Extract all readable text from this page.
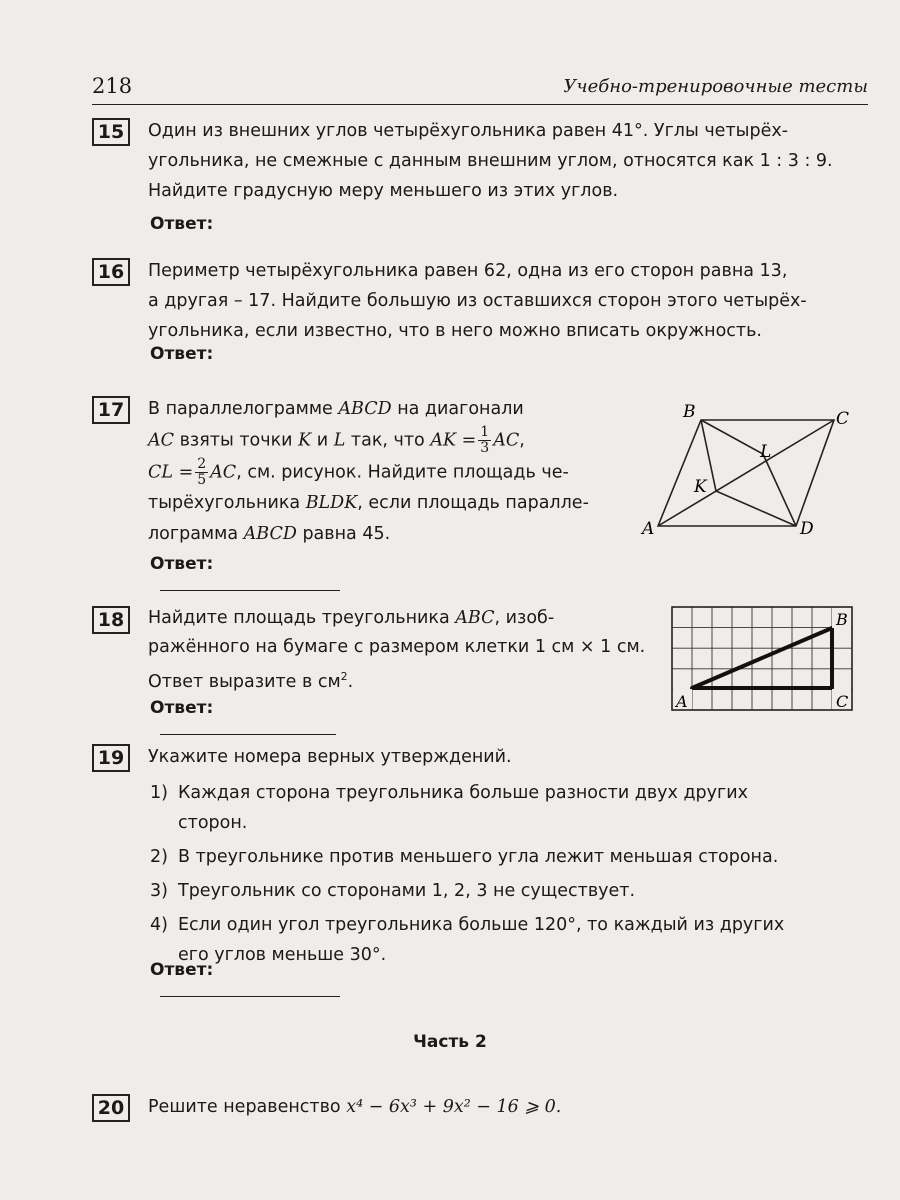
218	Учебно-тренировочные тесты
15	Один из внешних углов четырёхугольника равен 41°. Углы четырёх-
угольника, не смежные с данным внешним углом, относятся как 1 : 3 : 9.
Найдите градусную меру меньшего из этих углов.
Ответ:
16	Периметр четырёхугольника равен 62, одна из его сторон равна 13,
а другая – 17. Найдите большую из оставшихся сторон этого четырёх-
угольника, если известно, что в него можно вписать окружность.
Ответ:
17	В параллелограмме ABCD на диагонали
AC взяты точки K и L так, что AK = $\frac{1}{3}$ AC,
CL = $\frac{2}{5}$ AC, см. рисунок. Найдите площадь че-
тырёхугольника BLDK, если площадь паралле-
лограмма ABCD равна 45.
Ответ:
A
B	C
D
K
L
18	Найдите площадь треугольника ABC, изоб-
ражённого на бумаге с размером клетки 1 см × 1 см.
Ответ выразите в $см^2$.
Ответ:	A
B
C
19	Укажите номера верных утверждений.
1) Каждая сторона треугольника больше разности двух других
сторон.
2) В треугольнике против меньшего угла лежит меньшая сторона.
3) Треугольник со сторонами 1, 2, 3 не существует.
4) Если один угол треугольника больше 120°, то каждый из других
его углов меньше 30°.
Ответ:
Часть 2
20	Решите неравенство x⁴ − 6x³ + 9x² − 16 ⩾ 0.
